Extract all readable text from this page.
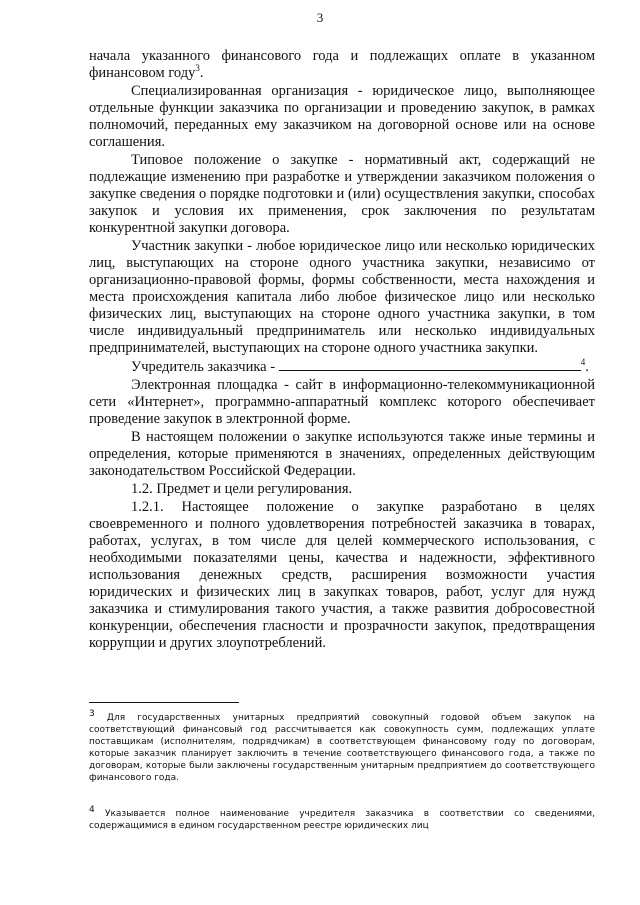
3

начала указанного финансового года и подлежащих оплате в указанном финансовом году$^3$.

Специализированная организация - юридическое лицо, выполняющее отдельные функции заказчика по организации и проведению закупок, в рамках полномочий, переданных ему заказчиком на договорной основе или на основе соглашения.

Типовое положение о закупке - нормативный акт, содержащий не подлежащие изменению при разработке и утверждении заказчиком положения о закупке сведения о порядке подготовки и (или) осуществления закупки, способах закупок и условия их применения, срок заключения по результатам конкурентной закупки договора.

Участник закупки - любое юридическое лицо или несколько юридических лиц, выступающих на стороне одного участника закупки, независимо от организационно-правовой формы, формы собственности, места нахождения и места происхождения капитала либо любое физическое лицо или несколько физических лиц, выступающих на стороне одного участника закупки, в том числе индивидуальный предприниматель или несколько индивидуальных предпринимателей, выступающих на стороне одного участника закупки.

Учредитель заказчика -	$^4$.

Электронная площадка - сайт в информационно-телекоммуникационной сети «Интернет», программно-аппаратный комплекс которого обеспечивает проведение закупок в электронной форме.

В настоящем положении о закупке используются также иные термины и определения, которые применяются в значениях, определенных действующим законодательством Российской Федерации.

1.2. Предмет и цели регулирования.

1.2.1. Настоящее положение о закупке разработано в целях своевременного и полного удовлетворения потребностей заказчика в товарах, работах, услугах, в том числе для целей коммерческого использования, с необходимыми показателями цены, качества и надежности, эффективного использования денежных средств, расширения возможности участия юридических и физических лиц в закупках товаров, работ, услуг для нужд заказчика и стимулирования такого участия, а также развития добросовестной конкуренции, обеспечения гласности и прозрачности закупок, предотвращения коррупции и других злоупотреблений.

$^3$ Для государственных унитарных предприятий совокупный годовой объем закупок на соответствующий финансовый год рассчитывается как совокупность сумм, подлежащих уплате поставщикам (исполнителям, подрядчикам) в соответствующем финансовому году по договорам, которые заказчик планирует заключить в течение соответствующего финансового года, а также по договорам, которые были заключены государственным унитарным предприятием до соответствующего финансового года.
$^4$ Указывается полное наименование учредителя заказчика в соответствии со сведениями, содержащимися в едином государственном реестре юридических лиц
